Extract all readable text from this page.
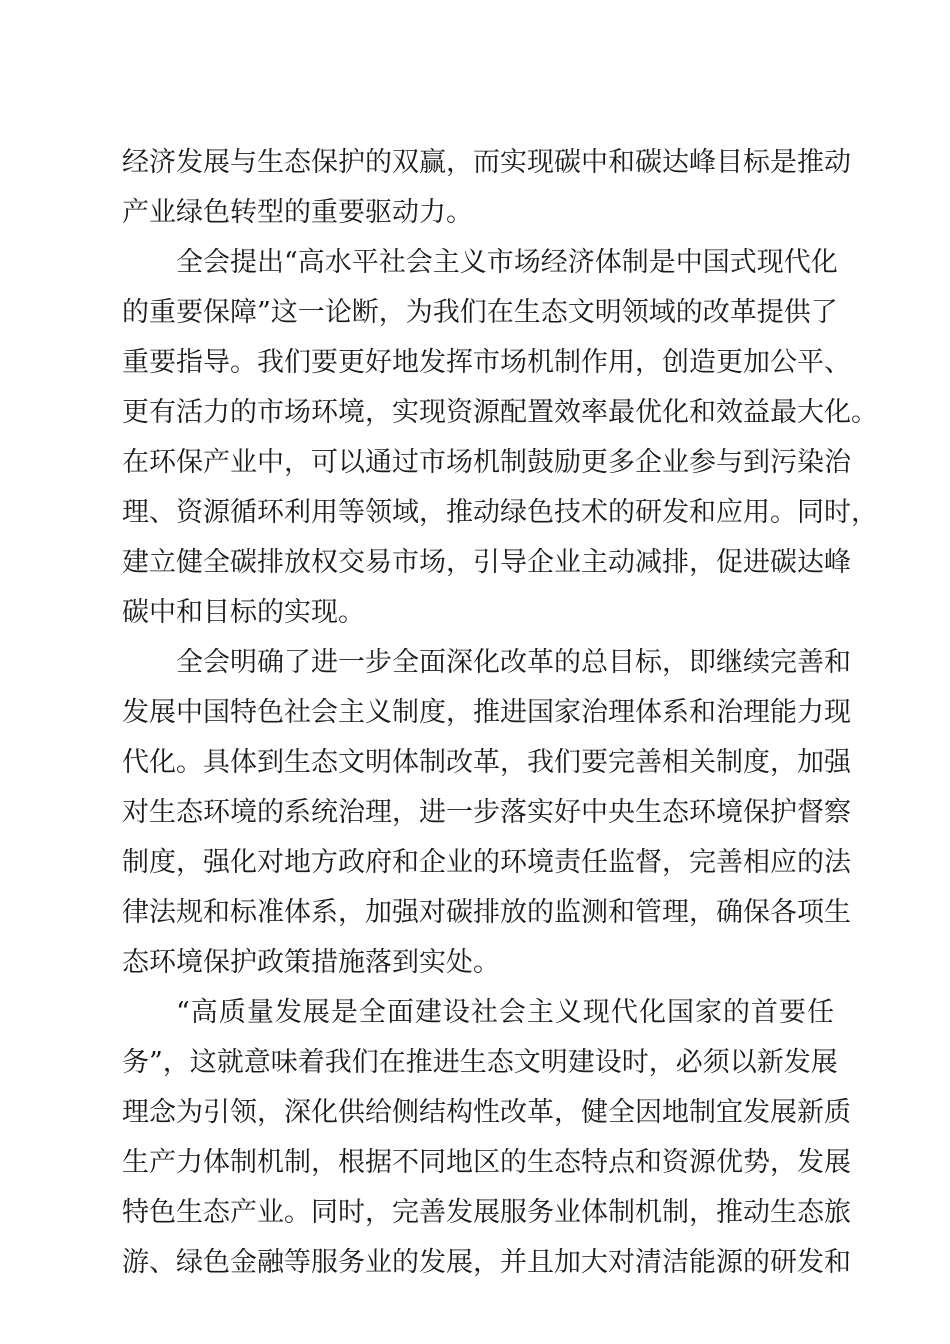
经济发展与生态保护的双赢，而实现碳中和碳达峰目标是推动
产业绿色转型的重要驱动力。
全会提出“高水平社会主义市场经济体制是中国式现代化
的重要保障”这一论断，为我们在生态文明领域的改革提供了
重要指导。我们要更好地发挥市场机制作用，创造更加公平、
更有活力的市场环境，实现资源配置效率最优化和效益最大化。
在环保产业中，可以通过市场机制鼓励更多企业参与到污染治
理、资源循环利用等领域，推动绿色技术的研发和应用。同时，
建立健全碳排放权交易市场，引导企业主动减排，促进碳达峰
碳中和目标的实现。
全会明确了进一步全面深化改革的总目标，即继续完善和
发展中国特色社会主义制度，推进国家治理体系和治理能力现
代化。具体到生态文明体制改革，我们要完善相关制度，加强
对生态环境的系统治理，进一步落实好中央生态环境保护督察
制度，强化对地方政府和企业的环境责任监督，完善相应的法
律法规和标准体系，加强对碳排放的监测和管理，确保各项生
态环境保护政策措施落到实处。
“高质量发展是全面建设社会主义现代化国家的首要任
务”，这就意味着我们在推进生态文明建设时，必须以新发展
理念为引领，深化供给侧结构性改革，健全因地制宜发展新质
生产力体制机制，根据不同地区的生态特点和资源优势，发展
特色生态产业。同时，完善发展服务业体制机制，推动生态旅
游、绿色金融等服务业的发展，并且加大对清洁能源的研发和
